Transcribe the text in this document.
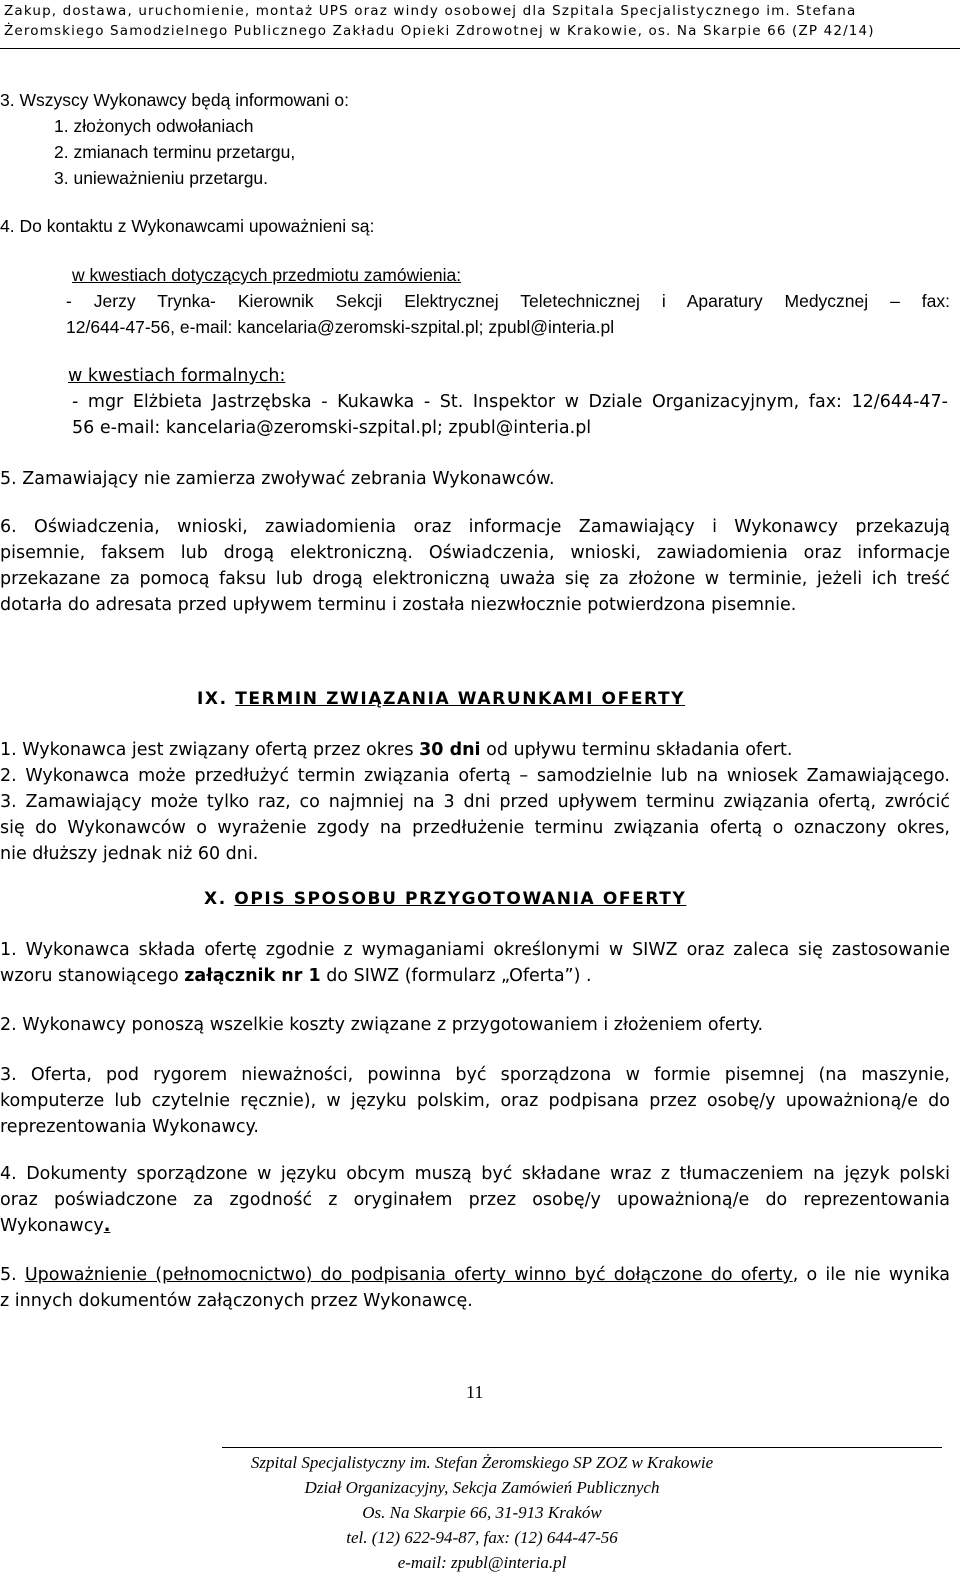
Zakup, dostawa, uruchomienie, montaż UPS oraz windy osobowej dla Szpitala Specjalistycznego im. Stefana
Żeromskiego Samodzielnego Publicznego Zakładu Opieki Zdrowotnej w Krakowie, os. Na Skarpie 66 (ZP 42/14)
3. Wszyscy Wykonawcy będą informowani o:
1. złożonych odwołaniach
2. zmianach terminu przetargu,
3. unieważnieniu przetargu.
4. Do kontaktu z Wykonawcami upoważnieni są:
w kwestiach dotyczących przedmiotu zamówienia:
- Jerzy Trynka- Kierownik Sekcji Elektrycznej Teletechnicznej i Aparatury Medycznej – fax:
12/644-47-56, e-mail: kancelaria@zeromski-szpital.pl; zpubl@interia.pl
w kwestiach formalnych:
- mgr Elżbieta Jastrzębska - Kukawka - St. Inspektor w Dziale Organizacyjnym, fax: 12/644-47-
56 e-mail: kancelaria@zeromski-szpital.pl; zpubl@interia.pl
5. Zamawiający nie zamierza zwoływać zebrania Wykonawców.
6. Oświadczenia, wnioski, zawiadomienia oraz informacje Zamawiający i Wykonawcy przekazują
pisemnie, faksem lub drogą elektroniczną. Oświadczenia, wnioski, zawiadomienia oraz informacje
przekazane za pomocą faksu lub drogą elektroniczną uważa się za złożone w terminie, jeżeli ich treść
dotarła do adresata przed upływem terminu i została niezwłocznie potwierdzona pisemnie.
IX. TERMIN ZWIĄZANIA WARUNKAMI OFERTY
1. Wykonawca jest związany ofertą przez okres 30 dni od upływu terminu składania ofert.
2. Wykonawca może przedłużyć termin związania ofertą – samodzielnie lub na wniosek Zamawiającego.
3. Zamawiający może tylko raz, co najmniej na 3 dni przed upływem terminu związania ofertą, zwrócić
się do Wykonawców o wyrażenie zgody na przedłużenie terminu związania ofertą o oznaczony okres,
nie dłuższy jednak niż 60 dni.
X. OPIS SPOSOBU PRZYGOTOWANIA OFERTY
1. Wykonawca składa ofertę zgodnie z wymaganiami określonymi w SIWZ oraz zaleca się zastosowanie
wzoru stanowiącego załącznik nr 1 do SIWZ (formularz „Oferta”) .
2. Wykonawcy ponoszą wszelkie koszty związane z przygotowaniem i złożeniem oferty.
3. Oferta, pod rygorem nieważności, powinna być sporządzona w formie pisemnej (na maszynie,
komputerze lub czytelnie ręcznie), w języku polskim, oraz podpisana przez osobę/y upoważnioną/e do
reprezentowania Wykonawcy.
4. Dokumenty sporządzone w języku obcym muszą być składane wraz z tłumaczeniem na język polski
oraz poświadczone za zgodność z oryginałem przez osobę/y upoważnioną/e do reprezentowania
Wykonawcy.
5. Upoważnienie (pełnomocnictwo) do podpisania oferty winno być dołączone do oferty, o ile nie wynika
z innych dokumentów załączonych przez Wykonawcę.
11
Szpital Specjalistyczny im. Stefan Żeromskiego SP ZOZ w Krakowie
Dział Organizacyjny, Sekcja Zamówień Publicznych
Os. Na Skarpie 66, 31-913 Kraków
tel. (12) 622-94-87, fax: (12) 644-47-56
e-mail: zpubl@interia.pl
